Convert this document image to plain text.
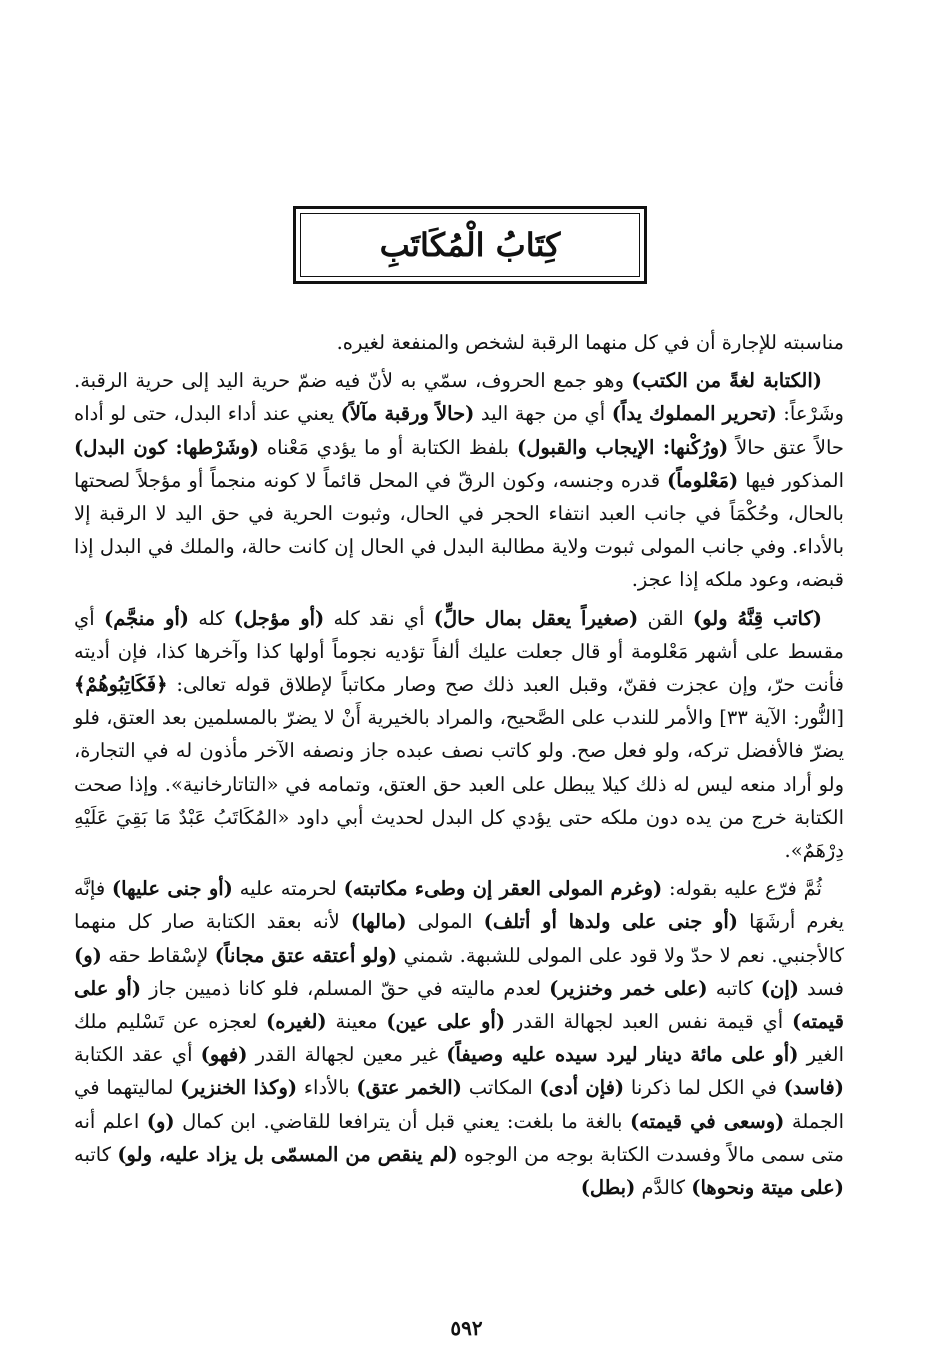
كِتَابُ الْمُكَاتَبِ

مناسبته للإجارة أن في كل منهما الرقبة لشخص والمنفعة لغيره.

(الكتابة لغةً من الكتب) وهو جمع الحروف، سمّي به لأنّ فيه ضمّ حرية اليد إلى حرية الرقبة. وشَرْعاً: (تحرير المملوك يداً) أي من جهة اليد (حالاً ورقبة مآلاً) يعني عند أداء البدل، حتى لو أداه حالاً عتق حالاً (ورُكْنها: الإيجاب والقبول) بلفظ الكتابة أو ما يؤدي مَعْناه (وشَرْطها: كون البدل) المذكور فيها (مَعْلوماً) قدره وجنسه، وكون الرقّ في المحل قائماً لا كونه منجماً أو مؤجلاً لصحتها بالحال، وحُكْمَاً في جانب العبد انتفاء الحجر في الحال، وثبوت الحرية في حق اليد لا الرقبة إلا بالأداء. وفي جانب المولى ثبوت ولاية مطالبة البدل في الحال إن كانت حالة، والملك في البدل إذا قبضه، وعود ملكه إذا عجز.

(كاتب قِنَّهُ ولو) القن (صغيراً يعقل بمال حالٍّ) أي نقد كله (أو مؤجل) كله (أو منجَّم) أي مقسط على أشهر مَعْلومة أو قال جعلت عليك ألفاً تؤديه نجوماً أولها كذا وآخرها كذا، فإن أديته فأنت حرّ، وإن عجزت فقنّ، وقبل العبد ذلك صح وصار مكاتباً لإطلاق قوله تعالى: ﴿فَكَاتِبُوهُمْ﴾ [النُّور: الآية ٣٣] والأمر للندب على الصَّحيح، والمراد بالخيرية أَنْ لا يضرّ بالمسلمين بعد العتق، فلو يضرّ فالأفضل تركه، ولو فعل صح. ولو كاتب نصف عبده جاز ونصفه الآخر مأذون له في التجارة، ولو أراد منعه ليس له ذلك كيلا يبطل على العبد حق العتق، وتمامه في «التاتارخانية». وإذا صحت الكتابة خرج من يده دون ملكه حتى يؤدي كل البدل لحديث أبي داود «المُكَاتَبُ عَبْدٌ مَا بَقِيَ عَلَيْهِ دِرْهَمٌ».

ثُمَّ فرّع عليه بقوله: (وغرم المولى العقر إن وطىء مكاتبته) لحرمته عليه (أو جنى عليها) فإنَّه يغرم أرشَهَا (أو جنى على ولدها أو أتلف) المولى (مالها) لأنه بعقد الكتابة صار كل منهما كالأجنبي. نعم لا حدّ ولا قود على المولى للشبهة. شمني (ولو أعتقه عتق مجاناً) لإسْقاط حقه (و) فسد (إن) كاتبه (على خمر وخنزير) لعدم ماليته في حقّ المسلم، فلو كانا ذميين جاز (أو على قيمته) أي قيمة نفس العبد لجهالة القدر (أو على عين) معينة (لغيره) لعجزه عن تَسْليم ملك الغير (أو على مائة دينار ليرد سيده عليه وصيفاً) غير معين لجهالة القدر (فهو) أي عقد الكتابة (فاسد) في الكل لما ذكرنا (فإن أدى) المكاتب (الخمر عتق) بالأداء (وكذا الخنزير) لماليتهما في الجملة (وسعى في قيمته) بالغة ما بلغت: يعني قبل أن يترافعا للقاضي. ابن كمال (و) اعلم أنه متى سمى مالاً وفسدت الكتابة بوجه من الوجوه (لم ينقص من المسمّى بل يزاد عليه، ولو) كاتبه (على ميتة ونحوها) كالدَّم (بطل)

٥٩٢
